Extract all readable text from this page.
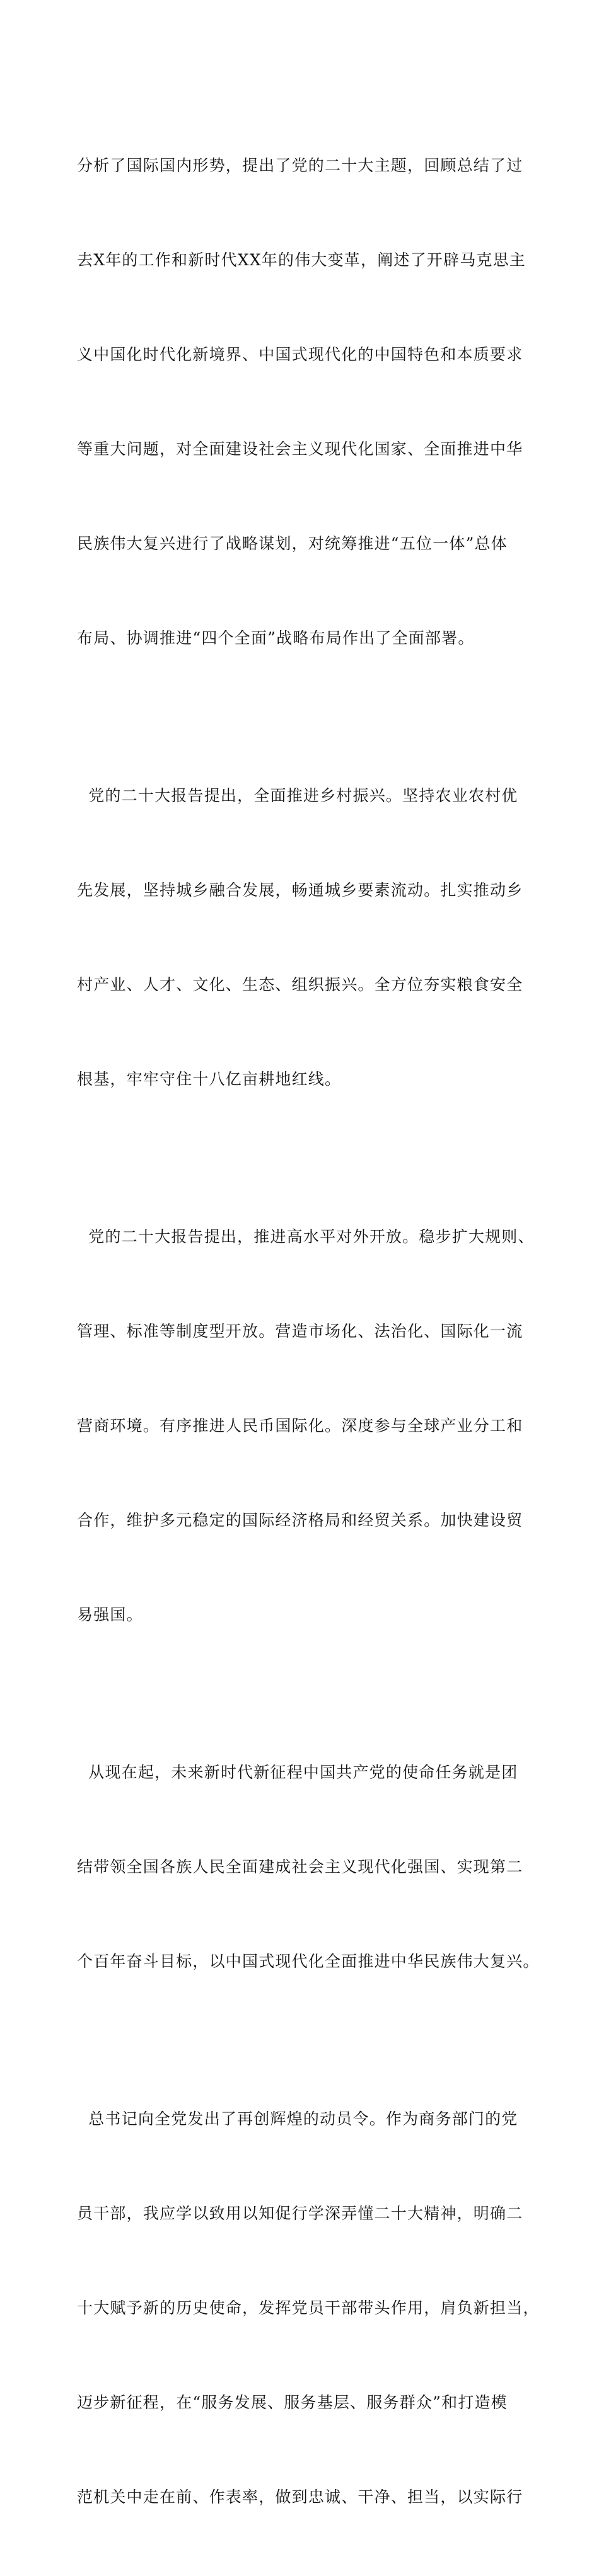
分析了国际国内形势，提出了党的二十大主题，回顾总结了过

去X年的工作和新时代XX年的伟大变革，阐述了开辟马克思主

义中国化时代化新境界、中国式现代化的中国特色和本质要求

等重大问题，对全面建设社会主义现代化国家、全面推进中华

民族伟大复兴进行了战略谋划，对统筹推进“五位一体”总体

布局、协调推进“四个全面”战略布局作出了全面部署。

党的二十大报告提出，全面推进乡村振兴。坚持农业农村优

先发展，坚持城乡融合发展，畅通城乡要素流动。扎实推动乡

村产业、人才、文化、生态、组织振兴。全方位夯实粮食安全

根基，牢牢守住十八亿亩耕地红线。

党的二十大报告提出，推进高水平对外开放。稳步扩大规则、

管理、标准等制度型开放。营造市场化、法治化、国际化一流

营商环境。有序推进人民币国际化。深度参与全球产业分工和

合作，维护多元稳定的国际经济格局和经贸关系。加快建设贸

易强国。

从现在起，未来新时代新征程中国共产党的使命任务就是团

结带领全国各族人民全面建成社会主义现代化强国、实现第二

个百年奋斗目标，以中国式现代化全面推进中华民族伟大复兴。

总书记向全党发出了再创辉煌的动员令。作为商务部门的党

员干部，我应学以致用以知促行学深弄懂二十大精神，明确二

十大赋予新的历史使命，发挥党员干部带头作用，肩负新担当，

迈步新征程，在“服务发展、服务基层、服务群众”和打造模

范机关中走在前、作表率，做到忠诚、干净、担当，以实际行
